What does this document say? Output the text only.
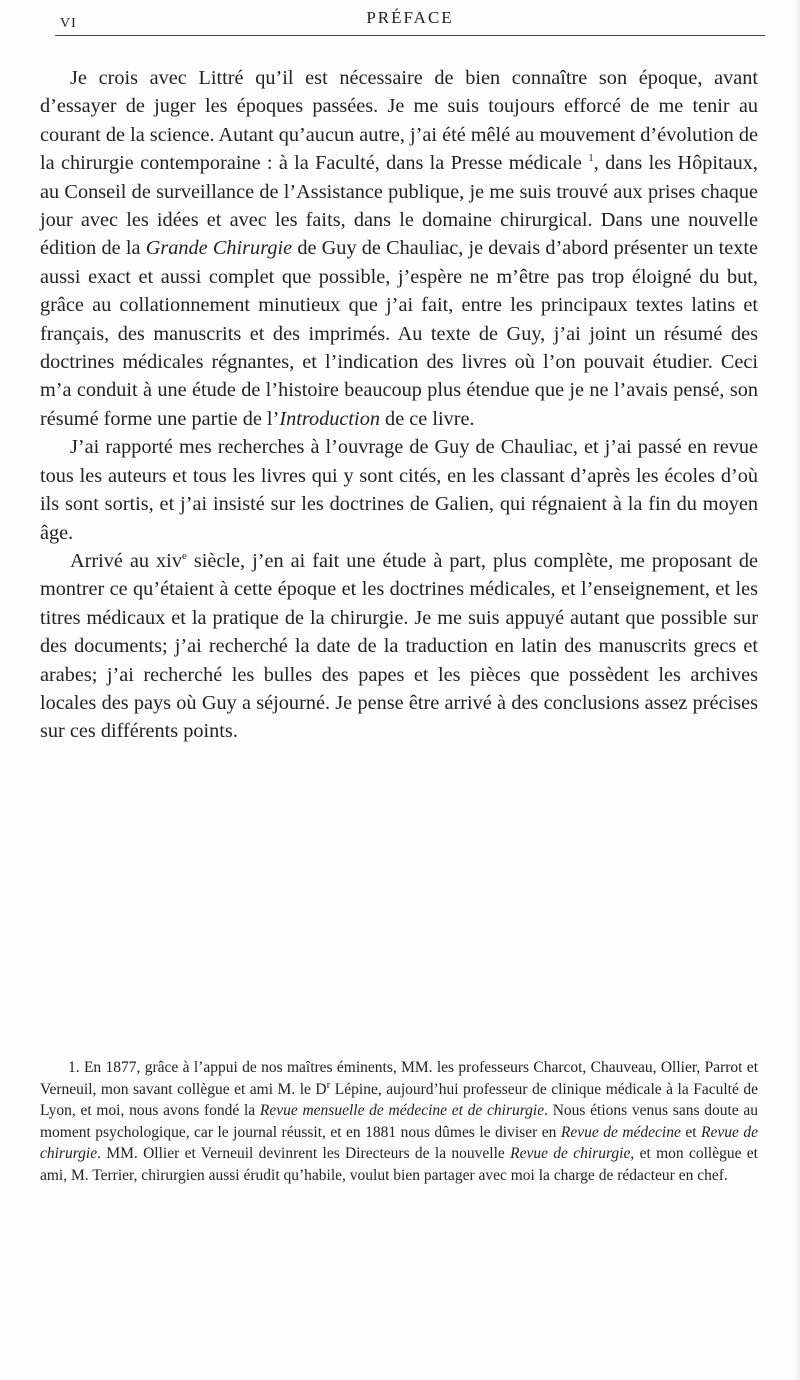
VI	PRÉFACE

Je crois avec Littré qu’il est nécessaire de bien connaître son époque, avant d’essayer de juger les époques passées. Je me suis toujours efforcé de me tenir au courant de la science. Autant qu’aucun autre, j’ai été mêlé au mouvement d’évolution de la chirurgie contemporaine : à la Faculté, dans la Presse médicale $^1$, dans les Hôpitaux, au Conseil de surveillance de l’Assistance publique, je me suis trouvé aux prises chaque jour avec les idées et avec les faits, dans le domaine chirurgical. Dans une nouvelle édition de la Grande Chirurgie de Guy de Chauliac, je devais d’abord présenter un texte aussi exact et aussi complet que possible, j’espère ne m’être pas trop éloigné du but, grâce au collationnement minutieux que j’ai fait, entre les principaux textes latins et français, des manuscrits et des imprimés. Au texte de Guy, j’ai joint un résumé des doctrines médicales régnantes, et l’indication des livres où l’on pouvait étudier. Ceci m’a conduit à une étude de l’histoire beaucoup plus étendue que je ne l’avais pensé, son résumé forme une partie de l’Introduction de ce livre.

J’ai rapporté mes recherches à l’ouvrage de Guy de Chauliac, et j’ai passé en revue tous les auteurs et tous les livres qui y sont cités, en les classant d’après les écoles d’où ils sont sortis, et j’ai insisté sur les doctrines de Galien, qui régnaient à la fin du moyen âge.

Arrivé au xiv$^e$ siècle, j’en ai fait une étude à part, plus complète, me proposant de montrer ce qu’étaient à cette époque et les doctrines médicales, et l’enseignement, et les titres médicaux et la pratique de la chirurgie. Je me suis appuyé autant que possible sur des documents; j’ai recherché la date de la traduction en latin des manuscrits grecs et arabes; j’ai recherché les bulles des papes et les pièces que possèdent les archives locales des pays où Guy a séjourné. Je pense être arrivé à des conclusions assez précises sur ces différents points.

1. En 1877, grâce à l’appui de nos maîtres éminents, MM. les professeurs Charcot, Chauveau, Ollier, Parrot et Verneuil, mon savant collègue et ami M. le $D^r$ Lépine, aujourd’hui professeur de clinique médicale à la Faculté de Lyon, et moi, nous avons fondé la Revue mensuelle de médecine et de chirurgie. Nous étions venus sans doute au moment psychologique, car le journal réussit, et en 1881 nous dûmes le diviser en Revue de médecine et Revue de chirurgie. MM. Ollier et Verneuil devinrent les Directeurs de la nouvelle Revue de chirurgie, et mon collègue et ami, M. Terrier, chirurgien aussi érudit qu’habile, voulut bien partager avec moi la charge de rédacteur en chef.
